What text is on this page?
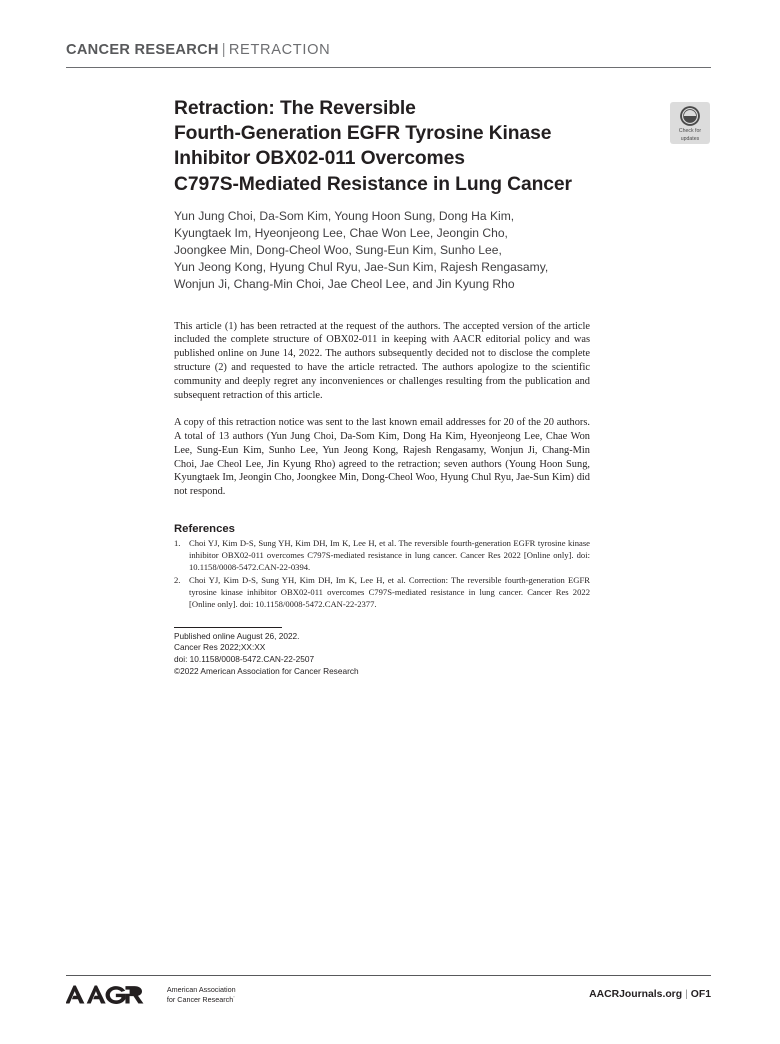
CANCER RESEARCH | RETRACTION
Check for
updates
Retraction: The Reversible
Fourth-Generation EGFR Tyrosine Kinase
Inhibitor OBX02-011 Overcomes
C797S-Mediated Resistance in Lung Cancer
Yun Jung Choi, Da-Som Kim, Young Hoon Sung, Dong Ha Kim,
Kyungtaek Im, Hyeonjeong Lee, Chae Won Lee, Jeongin Cho,
Joongkee Min, Dong-Cheol Woo, Sung-Eun Kim, Sunho Lee,
Yun Jeong Kong, Hyung Chul Ryu, Jae-Sun Kim, Rajesh Rengasamy,
Wonjun Ji, Chang-Min Choi, Jae Cheol Lee, and Jin Kyung Rho

This article (1) has been retracted at the request of the authors. The accepted version of the article included the complete structure of OBX02-011 in keeping with AACR editorial policy and was published online on June 14, 2022. The authors subsequently decided not to disclose the complete structure (2) and requested to have the article retracted. The authors apologize to the scientific community and deeply regret any inconveniences or challenges resulting from the publication and subsequent retraction of this article.

A copy of this retraction notice was sent to the last known email addresses for 20 of the 20 authors. A total of 13 authors (Yun Jung Choi, Da-Som Kim, Dong Ha Kim, Hyeonjeong Lee, Chae Won Lee, Sung-Eun Kim, Sunho Lee, Yun Jeong Kong, Rajesh Rengasamy, Wonjun Ji, Chang-Min Choi, Jae Cheol Lee, Jin Kyung Rho) agreed to the retraction; seven authors (Young Hoon Sung, Kyungtaek Im, Jeongin Cho, Joongkee Min, Dong-Cheol Woo, Hyung Chul Ryu, Jae-Sun Kim) did not respond.

References
1. Choi YJ, Kim D-S, Sung YH, Kim DH, Im K, Lee H, et al. The reversible fourth-generation EGFR tyrosine kinase inhibitor OBX02-011 overcomes C797S-mediated resistance in lung cancer. Cancer Res 2022 [Online only]. doi: 10.1158/0008-5472.CAN-22-0394.
2. Choi YJ, Kim D-S, Sung YH, Kim DH, Im K, Lee H, et al. Correction: The reversible fourth-generation EGFR tyrosine kinase inhibitor OBX02-011 overcomes C797S-mediated resistance in lung cancer. Cancer Res 2022 [Online only]. doi: 10.1158/0008-5472.CAN-22-2377.
Published online August 26, 2022.
Cancer Res 2022;XX:XX
doi: 10.1158/0008-5472.CAN-22-2507
©2022 American Association for Cancer Research
American Association
for Cancer Research˙	AACRJournals.org | OF1
